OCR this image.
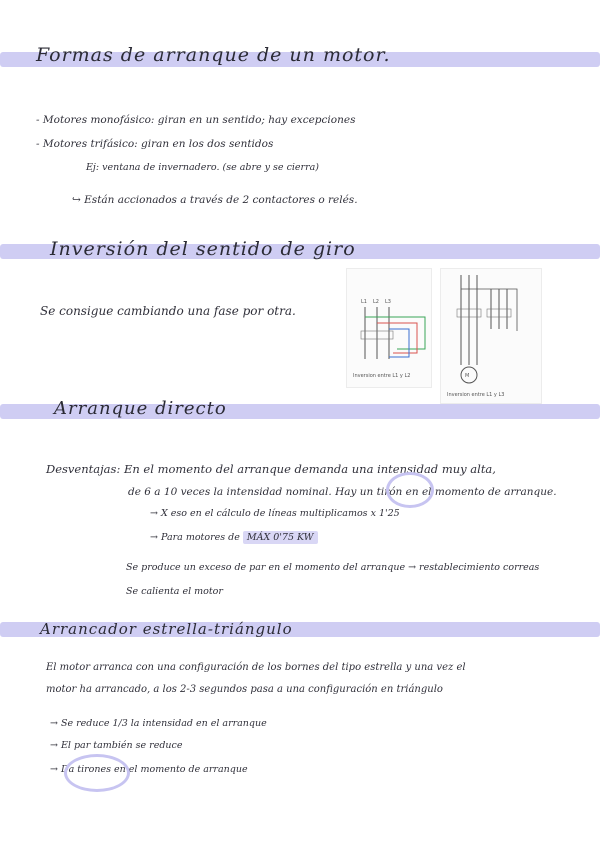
Formas de arranque de un motor.
- Motores monofásico: giran en un sentido; hay excepciones
- Motores trifásico: giran en los dos sentidos
Ej: ventana de invernadero. (se abre y se cierra)
↪ Están accionados a través de 2 contactores o relés.
Inversión del sentido de giro
Se consigue cambiando una fase por otra.
L1 L2 L3
Inversion entre L1 y L2	M
Inversion entre L1 y L3
Arranque directo
Desventajas: En el momento del arranque demanda una intensidad muy alta,
de 6 a 10 veces la intensidad nominal. Hay un tirón en el momento de arranque.
→ X eso en el cálculo de líneas multiplicamos x 1'25
→ Para motores de MÁX 0'75 KW
Se produce un exceso de par en el momento del arranque → restablecimiento correas
Se calienta el motor
Arrancador estrella-triángulo
El motor arranca con una configuración de los bornes del tipo estrella y una vez el
motor ha arrancado, a los 2-3 segundos pasa a una configuración en triángulo
→ Se reduce 1/3 la intensidad en el arranque
→ El par también se reduce
→ Da tirones en el momento de arranque
